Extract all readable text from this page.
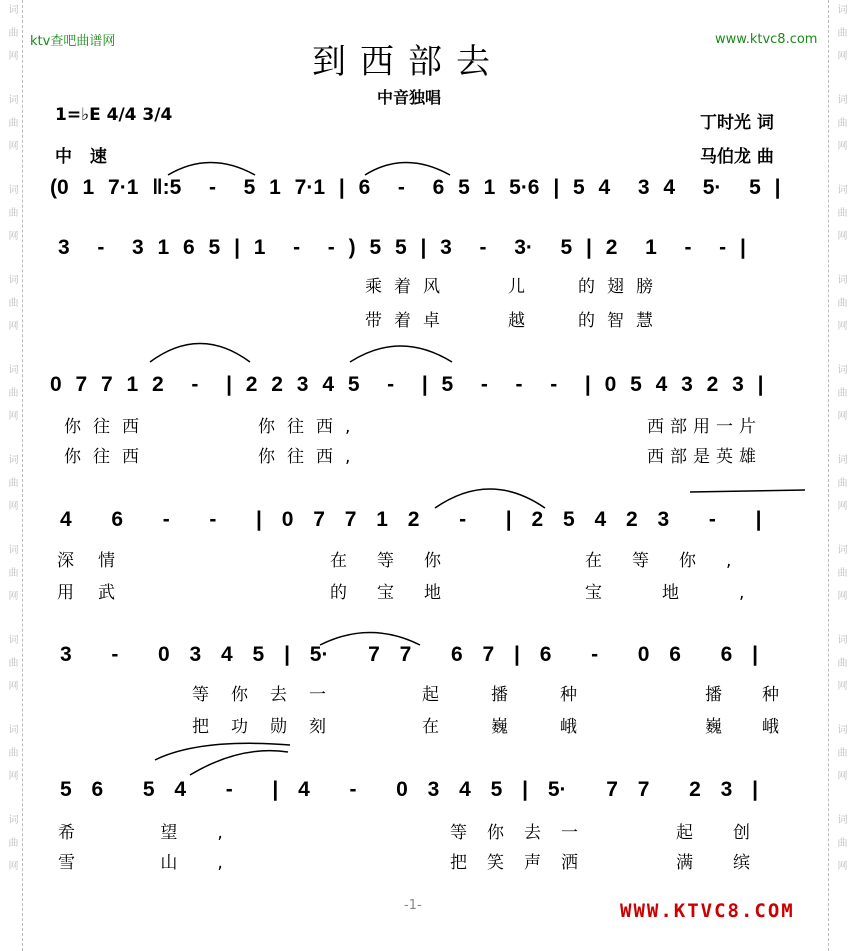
词曲网
词曲网
词曲网
词曲网
词曲网
词曲网
词曲网
词曲网
词曲网
词曲网
词曲网
词曲网
词曲网
词曲网
词曲网
词曲网
词曲网
词曲网
词曲网
词曲网
ktv查吧曲谱网	www.ktvc8.com
到西部去
中音独唱
1=♭E 4/4 3/4
中 速
丁时光 词
马伯龙 曲
(0 1 7·1 ‖:5  -  5 1 7·1 | 6  -  6 5 1 5·6 | 5 4  3 4  5·  5 |
3  -  3 1 6 5 | 1  -  - ) 5 5 | 3  -  3·  5 | 2  1  -  - |
乘着风	儿 的翅膀
带着卓	越 的智慧
0 7 7 1 2  -  | 2 2 3 4 5  -  | 5  -  -  -  | 0 5 4 3 2 3 |
你往西	你往西,	西部用一片
你往西	你往西,	西部是英雄
4  6  -  -  | 0 7 7 1 2  -  | 2 5 4 2 3  -  |
深情	在等你	在等你,
用武	的宝地	宝地,
3  -  0 3 4 5 | 5·  7 7  6 7 | 6  -  0 6  6 |
等你去一	起播种	播种
把功勋刻	在巍峨	巍峨
5 6  5 4  -  | 4  -  0 3 4 5 | 5·  7 7  2 3 |
希 望,	等你去一	起创
雪 山,	把笑声洒	满缤
-1-	WWW.KTVC8.COM
